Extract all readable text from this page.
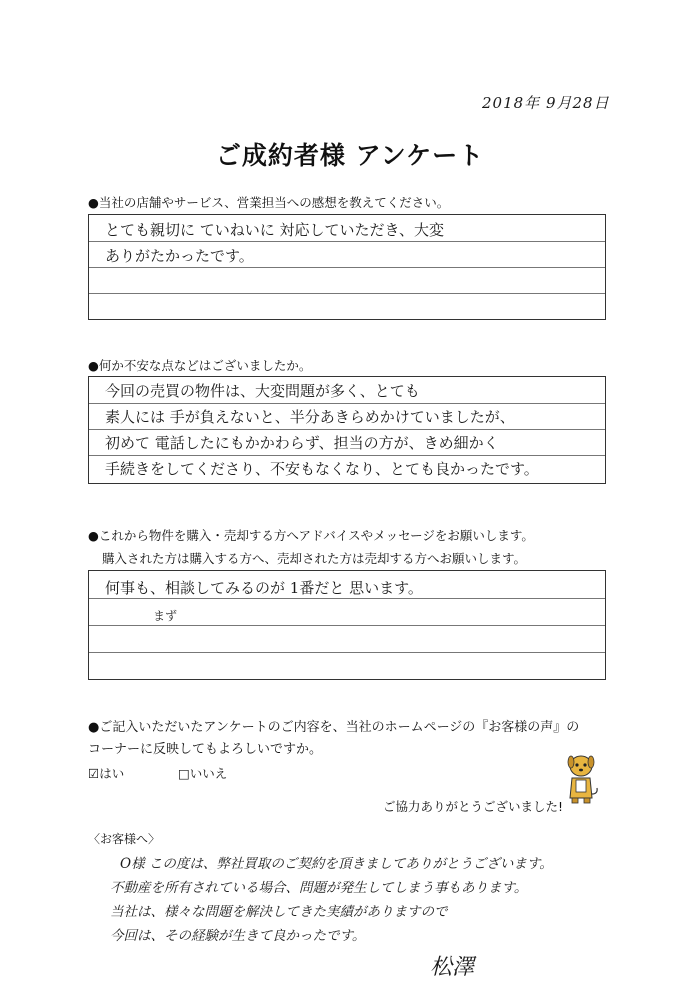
2018年 9月28日
ご成約者様 アンケート
●当社の店舗やサービス、営業担当への感想を教えてください。
とても親切に ていねいに 対応していただき、大変
ありがたかったです。
●何か不安な点などはございましたか。
今回の売買の物件は、大変問題が多く、とても
素人には 手が負えないと、半分あきらめかけていましたが、
初めて 電話したにもかかわらず、担当の方が、きめ細かく
手続きをしてくださり、不安もなくなり、とても良かったです。
●これから物件を購入・売却する方へアドバイスやメッセージをお願いします。
購入された方は購入する方へ、売却された方は売却する方へお願いします。
何事も、相談してみるのが 1番だと 思います。
まず
●ご記入いただいたアンケートのご内容を、当社のホームページの『お客様の声』の
コーナーに反映してもよろしいですか。
☑はい	□いいえ
ご協力ありがとうございました!
〈お客様へ〉
O様 この度は、弊社買取のご契約を頂きましてありがとうございます。
不動産を所有されている場合、問題が発生してしまう事もあります。
当社は、様々な問題を解決してきた実績がありますので
今回は、その経験が生きて良かったです。
松澤
